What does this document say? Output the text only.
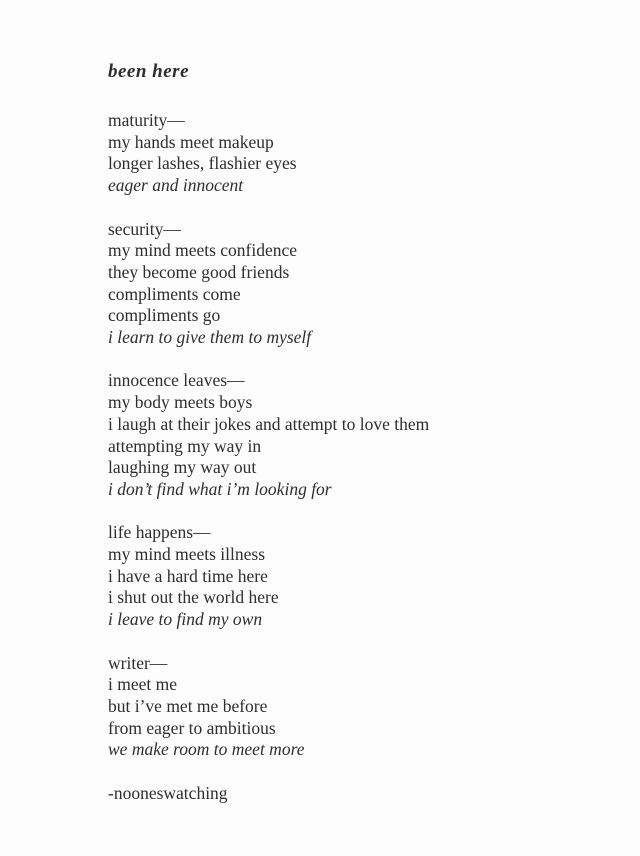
been here
maturity—
my hands meet makeup
longer lashes, flashier eyes
eager and innocent
security—
my mind meets confidence
they become good friends
compliments come
compliments go
i learn to give them to myself
innocence leaves—
my body meets boys
i laugh at their jokes and attempt to love them
attempting my way in
laughing my way out
i don’t find what i’m looking for
life happens—
my mind meets illness
i have a hard time here
i shut out the world here
i leave to find my own
writer—
i meet me
but i’ve met me before
from eager to ambitious
we make room to meet more

-nooneswatching
